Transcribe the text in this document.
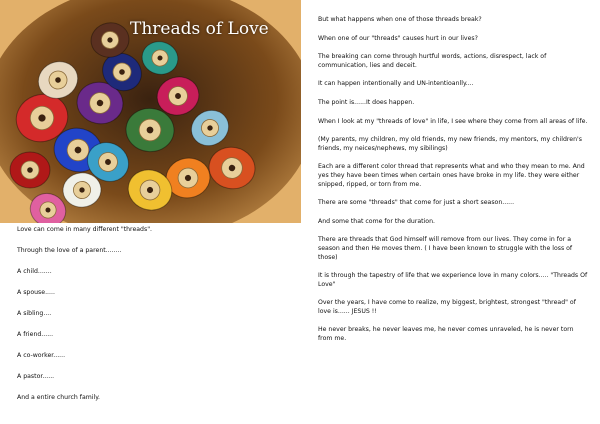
Threads of Love

Love can come in many different "threads".

Through the love of a parent........

A child.......

A spouse.....

A sibling....

A friend......

A co-worker......

A pastor......

And a entire church family.

But what happens when one of those threads break?

When one of our "threads" causes hurt in our lives?

The breaking can come through hurtful words, actions, disrespect, lack of communication, lies and deceit.

It can happen intentionally and UN-intentioanlly....

The point is......It does happen.

When I look at my "threads of love" in life, I see where they come from all areas of life.

(My parents, my children, my old friends, my new friends, my mentors, my children's friends, my neices/nephews, my sibilings)

Each are a different color thread that represents what and who they mean to me. And yes they have been times when certain ones have broke in my life. they were either snipped, ripped, or torn from me.

There are some "threads" that come for just a short season......

And some that come for the duration.

There are threads that God himself will remove from our lives. They come in for a season and then He moves them. ( I have been known to struggle with the loss of those)

It is through the tapestry of life that we experience love in many colors..... "Threads Of Love"

Over the years, I have come to realize, my biggest, brightest, strongest "thread" of love is...... JESUS !!

He never breaks, he never leaves me, he never comes unraveled, he is never torn from me.
